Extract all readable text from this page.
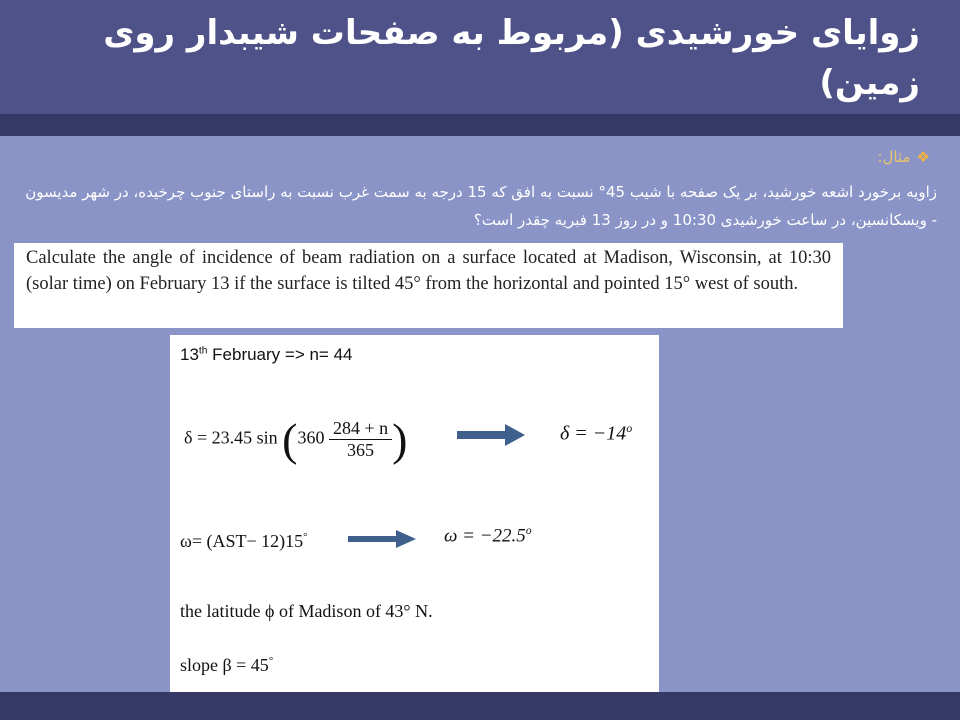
زوایای خورشیدی (مربوط به صفحات شیبدار روی زمین)
❖مثال:
زاویه برخورد اشعه خورشید، بر یک صفحه با شیب 45° نسبت به افق که 15 درجه به سمت غرب نسبت به راستای جنوب چرخیده، در شهر مدیسون - ویسکانسین، در ساعت خورشیدی 10:30 و در روز 13 فبریه چقدر است؟
Calculate the angle of incidence of beam radiation on a surface located at Madison, Wisconsin, at 10:30 (solar time) on February 13 if the surface is tilted 45° from the horizontal and pointed 15° west of south.
13th February => n= 44
δ = 23.45 $\sin (360 \frac{284 + n}{365}$ )	$\delta = -14^o$
ω= (AST− 12)15°	$\omega = -22.5^o$
the latitude ϕ of Madison of 43° N.
slope β = 45°
